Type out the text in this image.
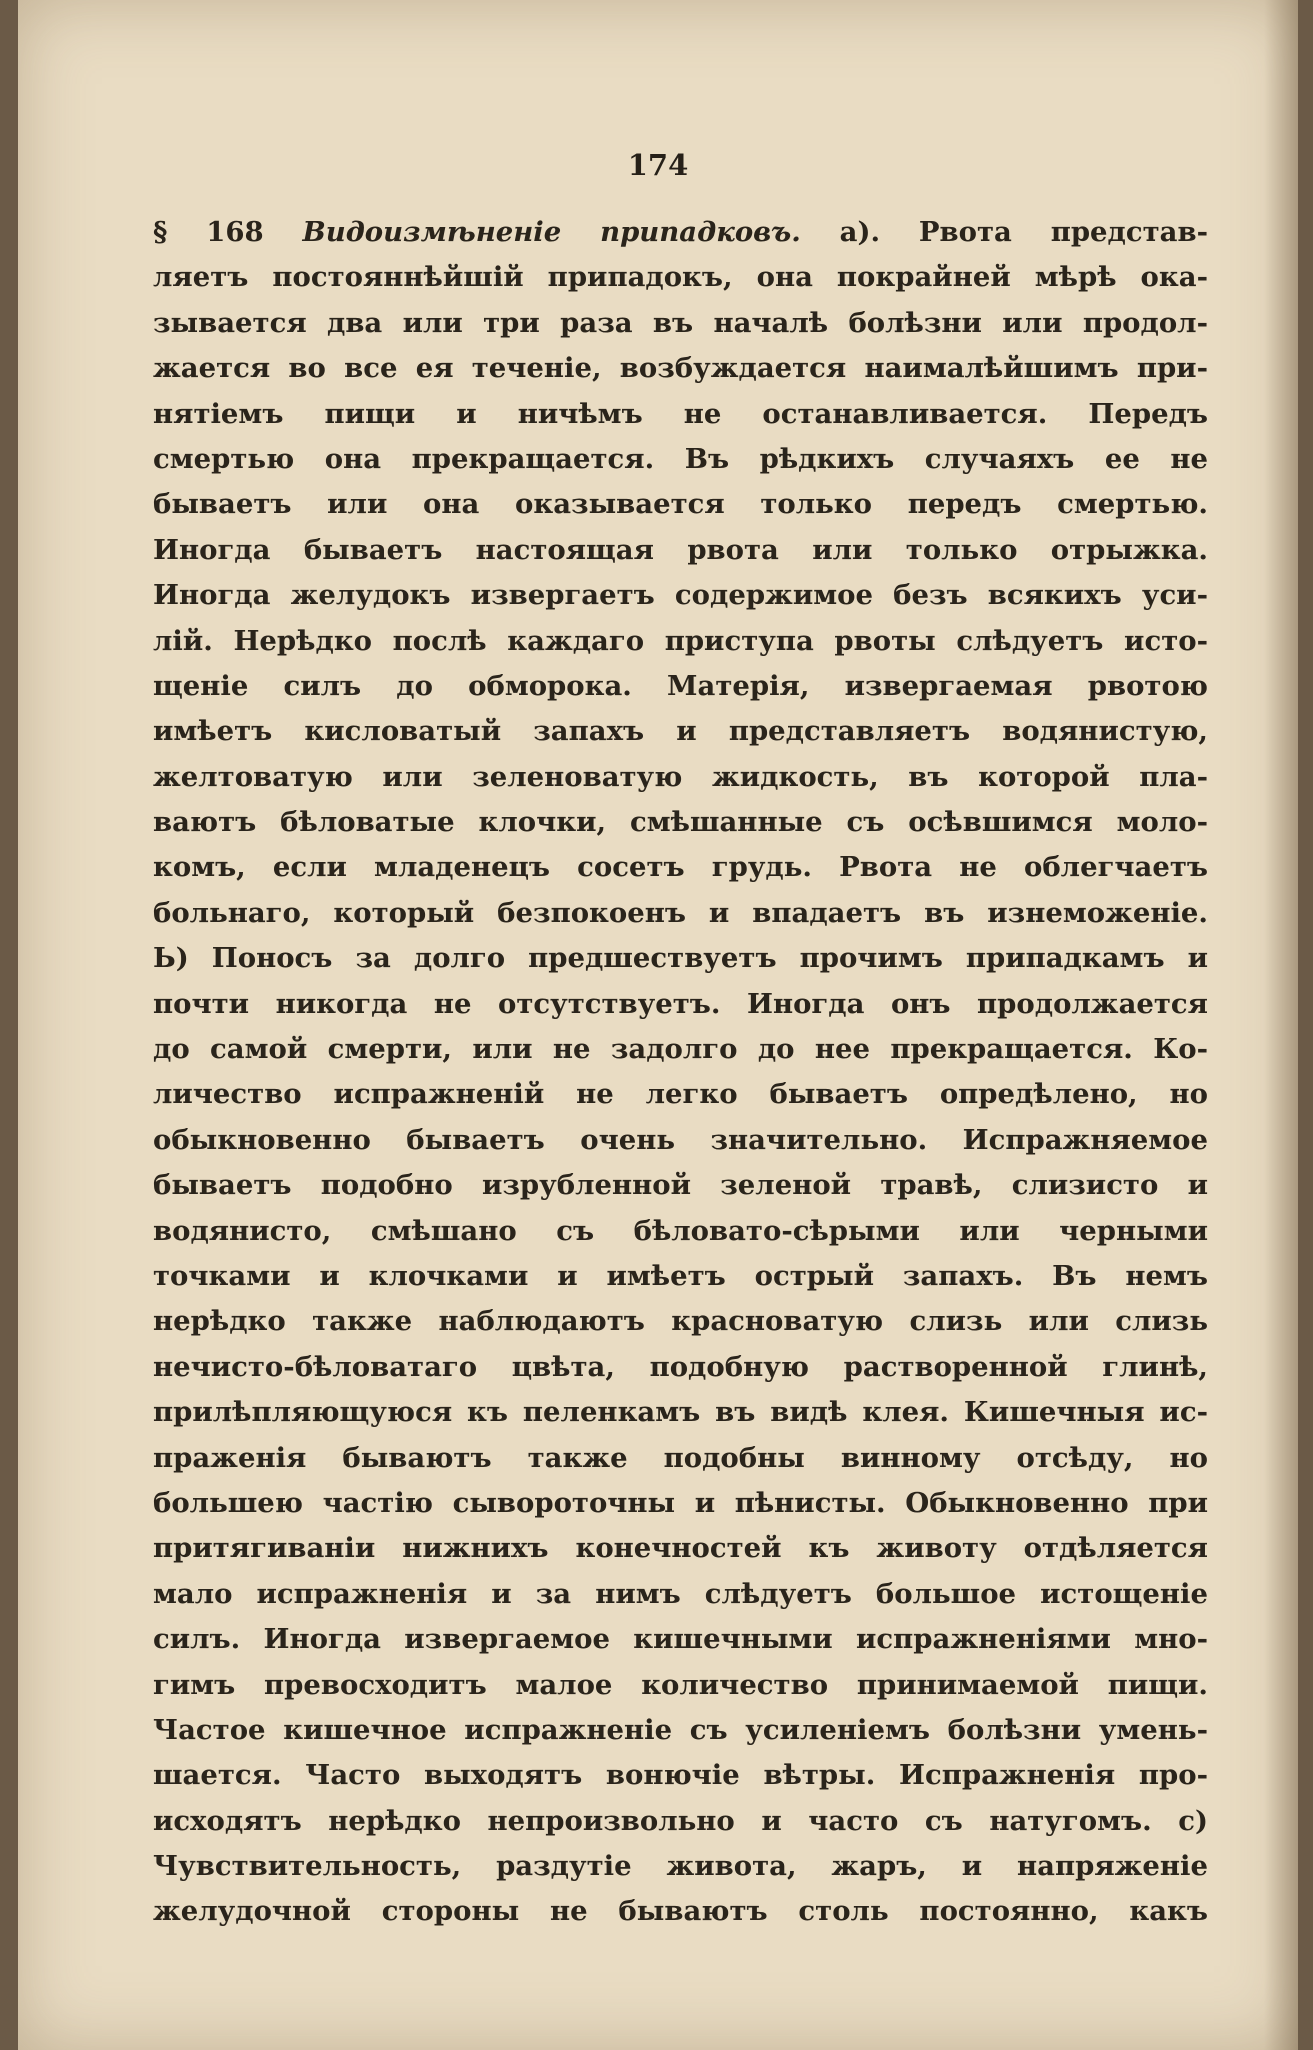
174
§ 168 Видоизмѣненіе припадковъ. а). Рвота представ-
ляетъ постояннѣйшій припадокъ, она покрайней мѣрѣ ока-
зывается два или три раза въ началѣ болѣзни или продол-
жается во все ея теченіе, возбуждается наималѣйшимъ при-
нятіемъ пищи и ничѣмъ не останавливается. Передъ
смертью она прекращается. Въ рѣдкихъ случаяхъ ее не
бываетъ или она оказывается только передъ смертью.
Иногда бываетъ настоящая рвота или только отрыжка.
Иногда желудокъ извергаетъ содержимое безъ всякихъ уси-
лій. Нерѣдко послѣ каждаго приступа рвоты слѣдуетъ исто-
щеніе силъ до обморока. Матерія, извергаемая рвотою
имѣетъ кисловатый запахъ и представляетъ водянистую,
желтоватую или зеленоватую жидкость, въ которой пла-
ваютъ бѣловатые клочки, смѣшанные съ осѣвшимся моло-
комъ, если младенецъ сосетъ грудь. Рвота не облегчаетъ
больнаго, который безпокоенъ и впадаетъ въ изнеможеніе.
Ь) Поносъ за долго предшествуетъ прочимъ припадкамъ и
почти никогда не отсутствуетъ. Иногда онъ продолжается
до самой смерти, или не задолго до нее прекращается. Ко-
личество испражненій не легко бываетъ опредѣлено, но
обыкновенно бываетъ очень значительно. Испражняемое
бываетъ подобно изрубленной зеленой травѣ, слизисто и
водянисто, смѣшано съ бѣловато-сѣрыми или черными
точками и клочками и имѣетъ острый запахъ. Въ немъ
нерѣдко также наблюдаютъ красноватую слизь или слизь
нечисто-бѣловатаго цвѣта, подобную растворенной глинѣ,
прилѣпляющуюся къ пеленкамъ въ видѣ клея. Кишечныя ис-
праженія бываютъ также подобны винному отсѣду, но
большею частію сывороточны и пѣнисты. Обыкновенно при
притягиваніи нижнихъ конечностей къ животу отдѣляется
мало испражненія и за нимъ слѣдуетъ большое истощеніе
силъ. Иногда извергаемое кишечными испражненіями мно-
гимъ превосходитъ малое количество принимаемой пищи.
Частое кишечное испражненіе съ усиленіемъ болѣзни умень-
шается. Часто выходятъ вонючіе вѣтры. Испражненія про-
исходятъ нерѣдко непроизвольно и часто съ натугомъ. с)
Чувствительность, раздутіе живота, жаръ, и напряженіе
желудочной стороны не бываютъ столь постоянно, какъ
